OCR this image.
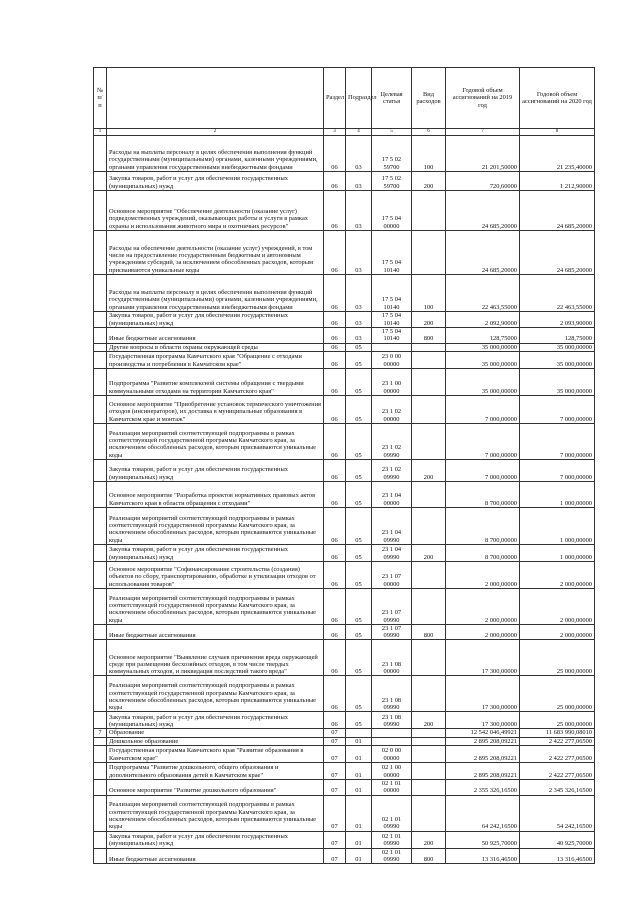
№ п/п		Раздел	Подраздел	Целевая статья	Вид расходов	Годовой объем ассигнований на 2019 год	Годовой объем ассигнований на 2020 год
1	2	3	4	5	6	7	8
	Расходы на выплаты персоналу в целях обеспечения выполнения функций государственными (муниципальными) органами, казенными учреждениями, органами управления государственными внебюджетными фондами	06	03	17 5 02 59700	100	21 201,50000	21 235,40000
	Закупка товаров, работ и услуг для обеспечения государственных (муниципальных) нужд	06	03	17 5 02 59700	200	720,60000	1 212,90000
	Основное мероприятие "Обеспечение деятельности (оказание услуг) подведомственных учреждений, оказывающих работы и услуги в рамках охраны и использования животного мира и охотничьих ресурсов"	06	03	17 5 04 00000		24 685,20000	24 685,20000
	Расходы на обеспечение деятельности (оказание услуг) учреждений, в том числе на предоставление государственным бюджетным и автономным учреждениям субсидий, за исключением обособленных расходов, которым присваиваются уникальные коды	06	03	17 5 04 10140		24 685,20000	24 685,20000
	Расходы на выплаты персоналу в целях обеспечения выполнения функций государственными (муниципальными) органами, казенными учреждениями, органами управления государственными внебюджетными фондами	06	03	17 5 04 10140	100	22 463,55000	22 463,55000
	Закупка товаров, работ и услуг для обеспечения государственных (муниципальных) нужд	06	03	17 5 04 10140	200	2 092,90000	2 093,90000
	Иные бюджетные ассигнования	06	03	17 5 04 10140	800	128,75000	128,75000
	Другие вопросы в области охраны окружающей среды	06	05			35 000,00000	35 000,00000
	Государственная программа Камчатского края "Обращение с отходами производства и потребления в Камчатском крае"	06	05	23 0 00 00000		35 000,00000	35 000,00000
	Подпрограмма "Развитие комплексной системы обращения с твердыми коммунальными отходами на территории Камчатского края"	06	05	23 1 00 00000		35 000,00000	35 000,00000
	Основное мероприятие "Приобретение установок термического уничтожения отходов (инсинераторов), их доставка в муниципальные образования в Камчатском крае и монтаж"	06	05	23 1 02 00000		7 000,00000	7 000,00000
	Реализация мероприятий соответствующей подпрограммы в рамках соответствующей государственной программы Камчатского края, за исключением обособленных расходов, которым присваиваются уникальные коды	06	05	23 1 02 09990		7 000,00000	7 000,00000
	Закупка товаров, работ и услуг для обеспечения государственных (муниципальных) нужд	06	05	23 1 02 09990	200	7 000,00000	7 000,00000
	Основное мероприятие "Разработка проектов нормативных правовых актов Камчатского края в области обращения с отходами"	06	05	23 1 04 00000		8 700,00000	1 000,00000
	Реализация мероприятий соответствующей подпрограммы в рамках соответствующей государственной программы Камчатского края, за исключением обособленных расходов, которым присваиваются уникальные коды	06	05	23 1 04 09990		8 700,00000	1 000,00000
	Закупка товаров, работ и услуг для обеспечения государственных (муниципальных) нужд	06	05	23 1 04 09990	200	8 700,00000	1 000,00000
	Основное мероприятие "Софинансирование строительства (создания) объектов по сбору, транспортированию, обработке и утилизации отходов от использования товаров"	06	05	23 1 07 00000		2 000,00000	2 000,00000
	Реализация мероприятий соответствующей подпрограммы в рамках соответствующей государственной программы Камчатского края, за исключением обособленных расходов, которым присваиваются уникальные коды	06	05	23 1 07 09990		2 000,00000	2 000,00000
	Иные бюджетные ассигнования	06	05	23 1 07 09990	800	2 000,00000	2 000,00000
	Основное мероприятие "Выявление случаев причинения вреда окружающей среде при размещении бесхозяйных отходов, в том числе твердых коммунальных отходов, и ликвидация последствий такого вреда"	06	05	23 1 08 00000		17 300,00000	25 000,00000
	Реализация мероприятий соответствующей подпрограммы в рамках соответствующей государственной программы Камчатского края, за исключением обособленных расходов, которым присваиваются уникальные коды	06	05	23 1 08 09990		17 300,00000	25 000,00000
	Закупка товаров, работ и услуг для обеспечения государственных (муниципальных) нужд	06	05	23 1 08 09990	200	17 300,00000	25 000,00000
7	Образование	07				12 542 046,49921	11 683 990,08010
	Дошкольное образование	07	01			2 895 208,09221	2 422 277,06500
	Государственная программа Камчатского края "Развитие образования в Камчатском крае"	07	01	02 0 00 00000		2 895 208,09221	2 422 277,06500
	Подпрограмма "Развитие дошкольного, общего образования и дополнительного образования детей в Камчатском крае"	07	01	02 1 00 00000		2 895 208,09221	2 422 277,06500
	Основное мероприятие "Развитие дошкольного образования"	07	01	02 1 01 00000		2 355 326,16500	2 345 326,16500
	Реализация мероприятий соответствующей подпрограммы в рамках соответствующей государственной программы Камчатского края, за исключением обособленных расходов, которым присваиваются уникальные коды	07	01	02 1 01 09990		64 242,16500	54 242,16500
	Закупка товаров, работ и услуг для обеспечения государственных (муниципальных) нужд	07	01	02 1 01 09990	200	50 925,70000	40 925,70000
	Иные бюджетные ассигнования	07	01	02 1 01 09990	800	13 316,46500	13 316,46500
